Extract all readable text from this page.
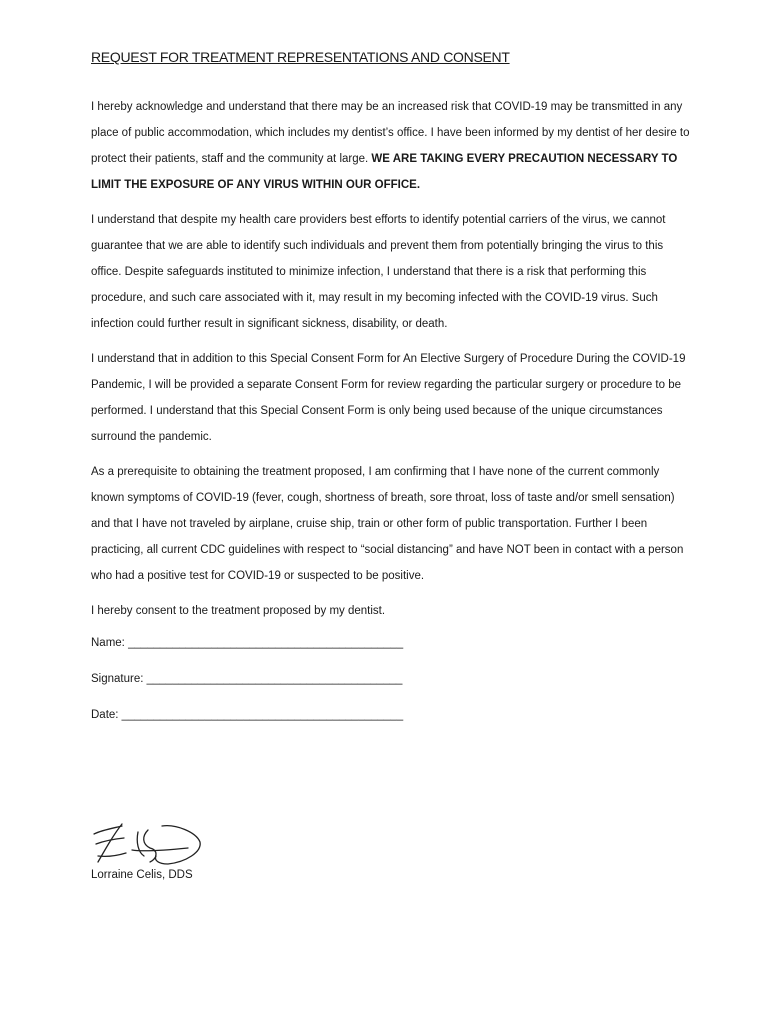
REQUEST FOR TREATMENT REPRESENTATIONS AND CONSENT

I hereby acknowledge and understand that there may be an increased risk that COVID-19 may be transmitted in any place of public accommodation, which includes my dentist’s office. I have been informed by my dentist of her desire to protect their patients, staff and the community at large. WE ARE TAKING EVERY PRECAUTION NECESSARY TO LIMIT THE EXPOSURE OF ANY VIRUS WITHIN OUR OFFICE.

I understand that despite my health care providers best efforts to identify potential carriers of the virus, we cannot guarantee that we are able to identify such individuals and prevent them from potentially bringing the virus to this office. Despite safeguards instituted to minimize infection, I understand that there is a risk that performing this procedure, and such care associated with it, may result in my becoming infected with the COVID-19 virus. Such infection could further result in significant sickness, disability, or death.

I understand that in addition to this Special Consent Form for An Elective Surgery of Procedure During the COVID-19 Pandemic, I will be provided a separate Consent Form for review regarding the particular surgery or procedure to be performed. I understand that this Special Consent Form is only being used because of the unique circumstances surround the pandemic.

As a prerequisite to obtaining the treatment proposed, I am confirming that I have none of the current commonly known symptoms of COVID-19 (fever, cough, shortness of breath, sore throat, loss of taste and/or smell sensation) and that I have not traveled by airplane, cruise ship, train or other form of public transportation. Further I been practicing, all current CDC guidelines with respect to “social distancing” and have NOT been in contact with a person who had a positive test for COVID-19 or suspected to be positive.

I hereby consent to the treatment proposed by my dentist.

Name: ___________________________________________
Signature: ________________________________________
Date: ____________________________________________
Lorraine Celis, DDS
